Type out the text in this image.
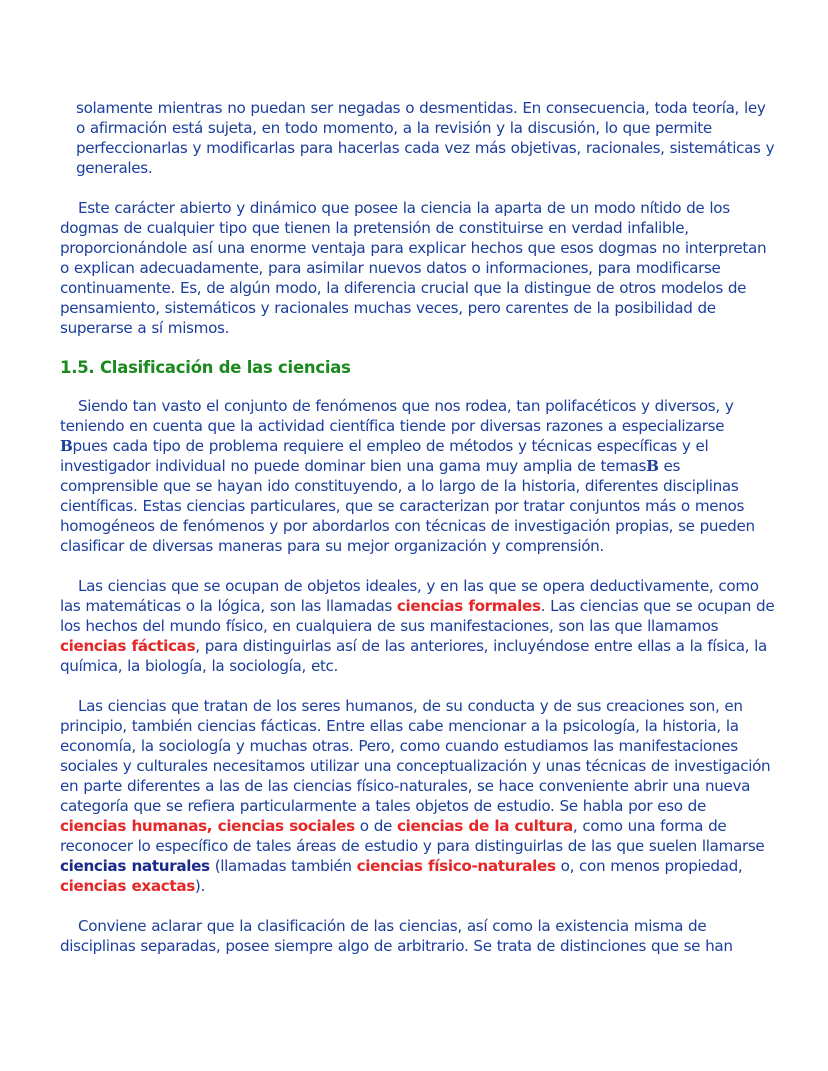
solamente mientras no puedan ser negadas o desmentidas. En consecuencia, toda teoría, ley o afirmación está sujeta, en todo momento, a la revisión y la discusión, lo que permite perfeccionarlas y modificarlas para hacerlas cada vez más objetivas, racionales, sistemáticas y generales.

Este carácter abierto y dinámico que posee la ciencia la aparta de un modo nítido de los dogmas de cualquier tipo que tienen la pretensión de constituirse en verdad infalible, proporcionándole así una enorme ventaja para explicar hechos que esos dogmas no interpretan o explican adecuadamente, para asimilar nuevos datos o informaciones, para modificarse continuamente. Es, de algún modo, la diferencia crucial que la distingue de otros modelos de pensamiento, sistemáticos y racionales muchas veces, pero carentes de la posibilidad de superarse a sí mismos.

1.5. Clasificación de las ciencias

Siendo tan vasto el conjunto de fenómenos que nos rodea, tan polifacéticos y diversos, y teniendo en cuenta que la actividad científica tiende por diversas razones a especializarse Bpues cada tipo de problema requiere el empleo de métodos y técnicas específicas y el investigador individual no puede dominar bien una gama muy amplia de temasB es comprensible que se hayan ido constituyendo, a lo largo de la historia, diferentes disciplinas científicas. Estas ciencias particulares, que se caracterizan por tratar conjuntos más o menos homogéneos de fenómenos y por abordarlos con técnicas de investigación propias, se pueden clasificar de diversas maneras para su mejor organización y comprensión.

Las ciencias que se ocupan de objetos ideales, y en las que se opera deductivamente, como las matemáticas o la lógica, son las llamadas ciencias formales. Las ciencias que se ocupan de los hechos del mundo físico, en cualquiera de sus manifestaciones, son las que llamamos ciencias fácticas, para distinguirlas así de las anteriores, incluyéndose entre ellas a la física, la química, la biología, la sociología, etc.

Las ciencias que tratan de los seres humanos, de su conducta y de sus creaciones son, en principio, también ciencias fácticas. Entre ellas cabe mencionar a la psicología, la historia, la economía, la sociología y muchas otras. Pero, como cuando estudiamos las manifestaciones sociales y culturales necesitamos utilizar una conceptualización y unas técnicas de investigación en parte diferentes a las de las ciencias físico-naturales, se hace conveniente abrir una nueva categoría que se refiera particularmente a tales objetos de estudio. Se habla por eso de ciencias humanas, ciencias sociales o de ciencias de la cultura, como una forma de reconocer lo específico de tales áreas de estudio y para distinguirlas de las que suelen llamarse ciencias naturales (llamadas también ciencias físico-naturales o, con menos propiedad, ciencias exactas).

Conviene aclarar que la clasificación de las ciencias, así como la existencia misma de disciplinas separadas, posee siempre algo de arbitrario. Se trata de distinciones que se han
